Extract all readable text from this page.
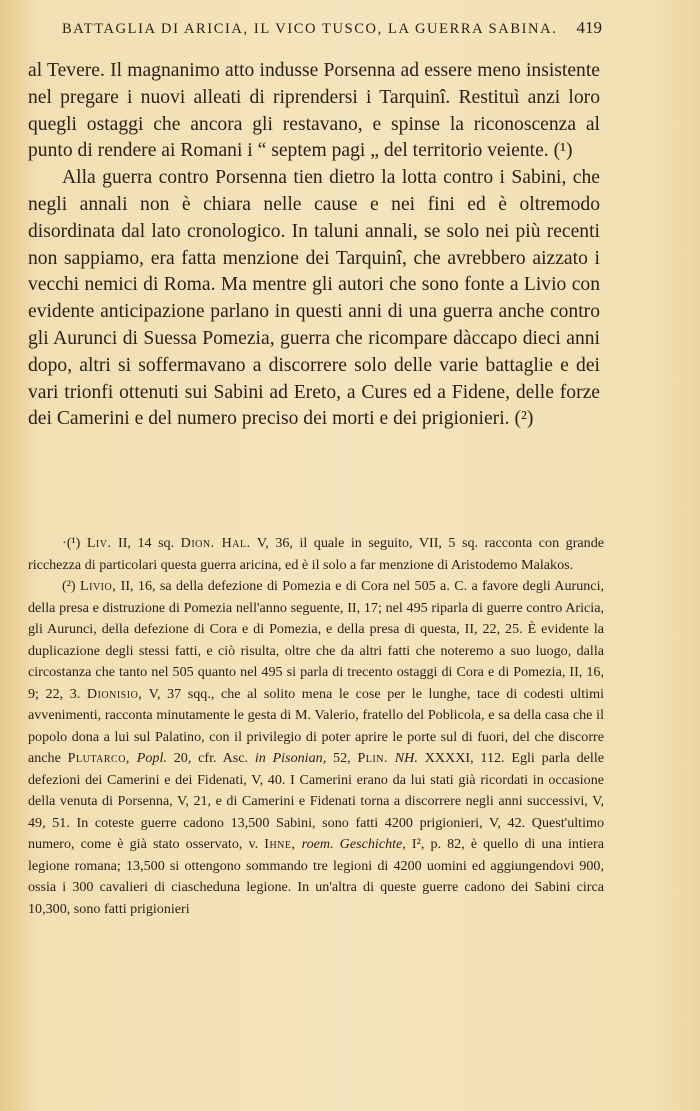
BATTAGLIA DI ARICIA, IL VICO TUSCO, LA GUERRA SABINA. 419

al Tevere. Il magnanimo atto indusse Porsenna ad essere meno insistente nel pregare i nuovi alleati di riprendersi i Tarquinî. Restituì anzi loro quegli ostaggi che ancora gli restavano, e spinse la riconoscenza al punto di rendere ai Romani i “ septem pagi „ del territorio veiente. (¹)

Alla guerra contro Porsenna tien dietro la lotta contro i Sabini, che negli annali non è chiara nelle cause e nei fini ed è oltremodo disordinata dal lato cronologico. In taluni annali, se solo nei più recenti non sappiamo, era fatta menzione dei Tarquinî, che avrebbero aizzato i vecchi nemici di Roma. Ma mentre gli autori che sono fonte a Livio con evidente anticipazione parlano in questi anni di una guerra anche contro gli Aurunci di Suessa Pomezia, guerra che ricompare dàccapo dieci anni dopo, altri si soffermavano a discorrere solo delle varie battaglie e dei vari trionfi ottenuti sui Sabini ad Ereto, a Cures ed a Fidene, delle forze dei Camerini e del numero preciso dei morti e dei prigionieri. (²)

·(¹) Liv. II, 14 sq. Dion. Hal. V, 36, il quale in seguito, VII, 5 sq. racconta con grande ricchezza di particolari questa guerra aricina, ed è il solo a far menzione di Aristodemo Malakos.

(²) Livio, II, 16, sa della defezione di Pomezia e di Cora nel 505 a. C. a favore degli Aurunci, della presa e distruzione di Pomezia nell'anno seguente, II, 17; nel 495 riparla di guerre contro Aricia, gli Aurunci, della defezione di Cora e di Pomezia, e della presa di questa, II, 22, 25. È evidente la duplicazione degli stessi fatti, e ciò risulta, oltre che da altri fatti che noteremo a suo luogo, dalla circostanza che tanto nel 505 quanto nel 495 si parla di trecento ostaggi di Cora e di Pomezia, II, 16, 9; 22, 3. Dionisio, V, 37 sqq., che al solito mena le cose per le lunghe, tace di codesti ultimi avvenimenti, racconta minutamente le gesta di M. Valerio, fratello del Poblicola, e sa della casa che il popolo dona a lui sul Palatino, con il privilegio di poter aprire le porte sul di fuori, del che discorre anche Plutarco, Popl. 20, cfr. Asc. in Pisonian, 52, Plin. NH. XXXXI, 112. Egli parla delle defezioni dei Camerini e dei Fidenati, V, 40. I Camerini erano da lui stati già ricordati in occasione della venuta di Porsenna, V, 21, e di Camerini e Fidenati torna a discorrere negli anni successivi, V, 49, 51. In coteste guerre cadono 13,500 Sabini, sono fatti 4200 prigionieri, V, 42. Quest'ultimo numero, come è già stato osservato, v. Ihne, roem. Geschichte, I², p. 82, è quello di una intiera legione romana; 13,500 si ottengono sommando tre legioni di 4200 uomini ed aggiungendovi 900, ossia i 300 cavalieri di ciascheduna legione. In un'altra di queste guerre cadono dei Sabini circa 10,300, sono fatti prigionieri
